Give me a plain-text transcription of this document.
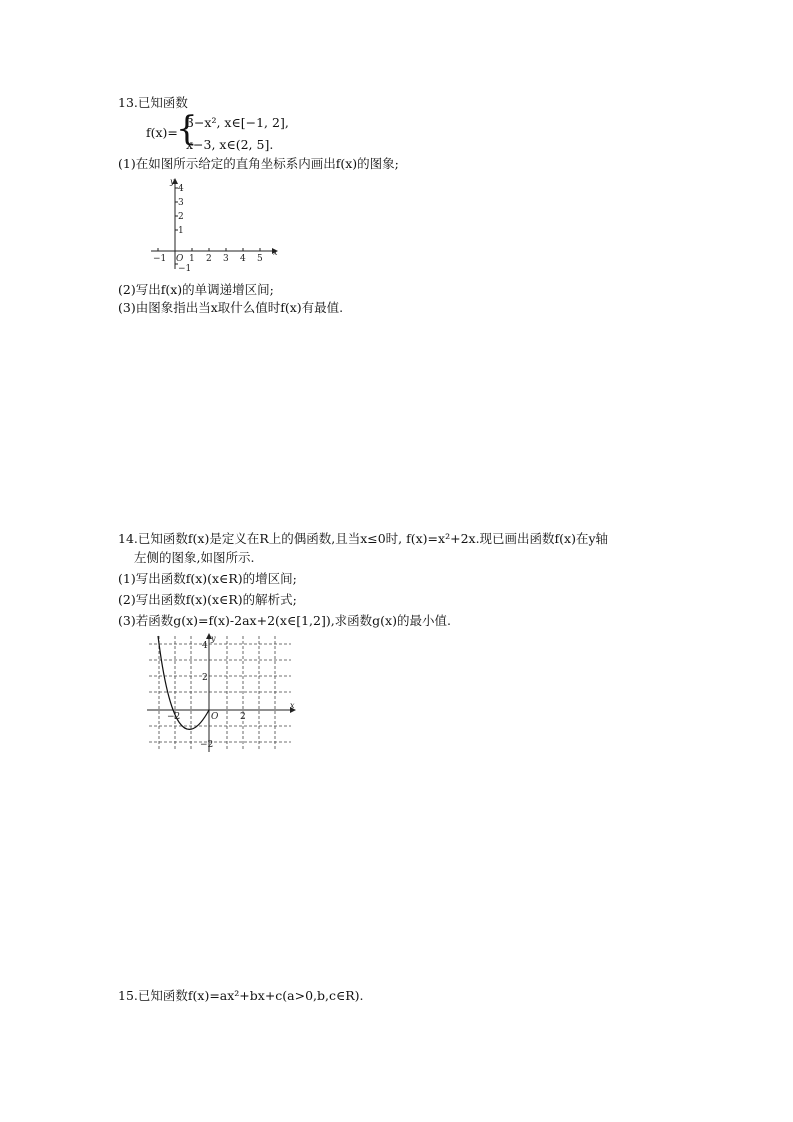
13.已知函数
f(x)=
{
3−x², x∈[−1, 2],
x−3, x∈(2, 5].
(1)在如图所示给定的直角坐标系内画出f(x)的图象;
y
x
O
4
3
2
1
−1
−1	1 2 3 4 5
(2)写出f(x)的单调递增区间;
(3)由图象指出当x取什么值时f(x)有最值.
14.已知函数f(x)是定义在R上的偶函数,且当x≤0时, f(x)=x²+2x.现已画出函数f(x)在y轴
左侧的图象,如图所示.
(1)写出函数f(x)(x∈R)的增区间;
(2)写出函数f(x)(x∈R)的解析式;
(3)若函数g(x)=f(x)-2ax+2(x∈[1,2]),求函数g(x)的最小值.
y
x
O
4
2
−2
−2	2
15.已知函数f(x)=ax²+bx+c(a>0,b,c∈R).
